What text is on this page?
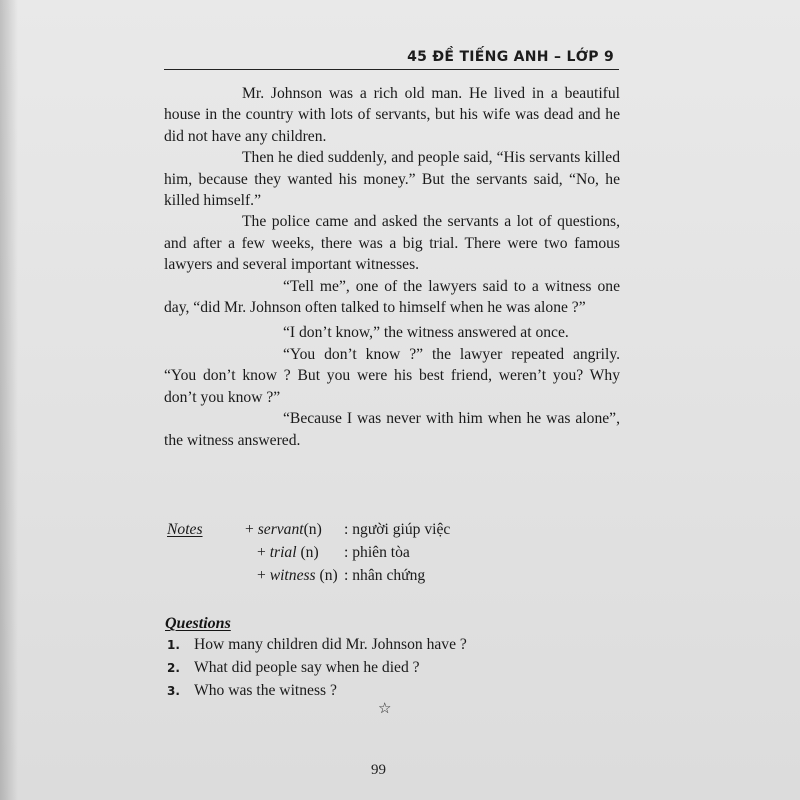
45 ĐỀ TIẾNG ANH – LỚP 9

Mr. Johnson was a rich old man. He lived in a beautiful house in the country with lots of servants, but his wife was dead and he did not have any children.

Then he died suddenly, and people said, “His servants killed him, because they wanted his money.” But the servants said, “No, he killed himself.”

The police came and asked the servants a lot of questions, and after a few weeks, there was a big trial. There were two famous lawyers and several important witnesses.

“Tell me”, one of the lawyers said to a witness one day, “did Mr. Johnson often talked to himself when he was alone ?”

“I don’t know,” the witness answered at once.

“You don’t know ?” the lawyer repeated angrily. “You don’t know ? But you were his best friend, weren’t you? Why don’t you know ?”

“Because I was never with him when he was alone”, the witness answered.

Notes	+ servant(n) : người giúp việc
+ trial (n) : phiên tòa
+ witness (n) : nhân chứng
Questions
1. How many children did Mr. Johnson have ?
2. What did people say when he died ?
3. Who was the witness ?
☆
99
